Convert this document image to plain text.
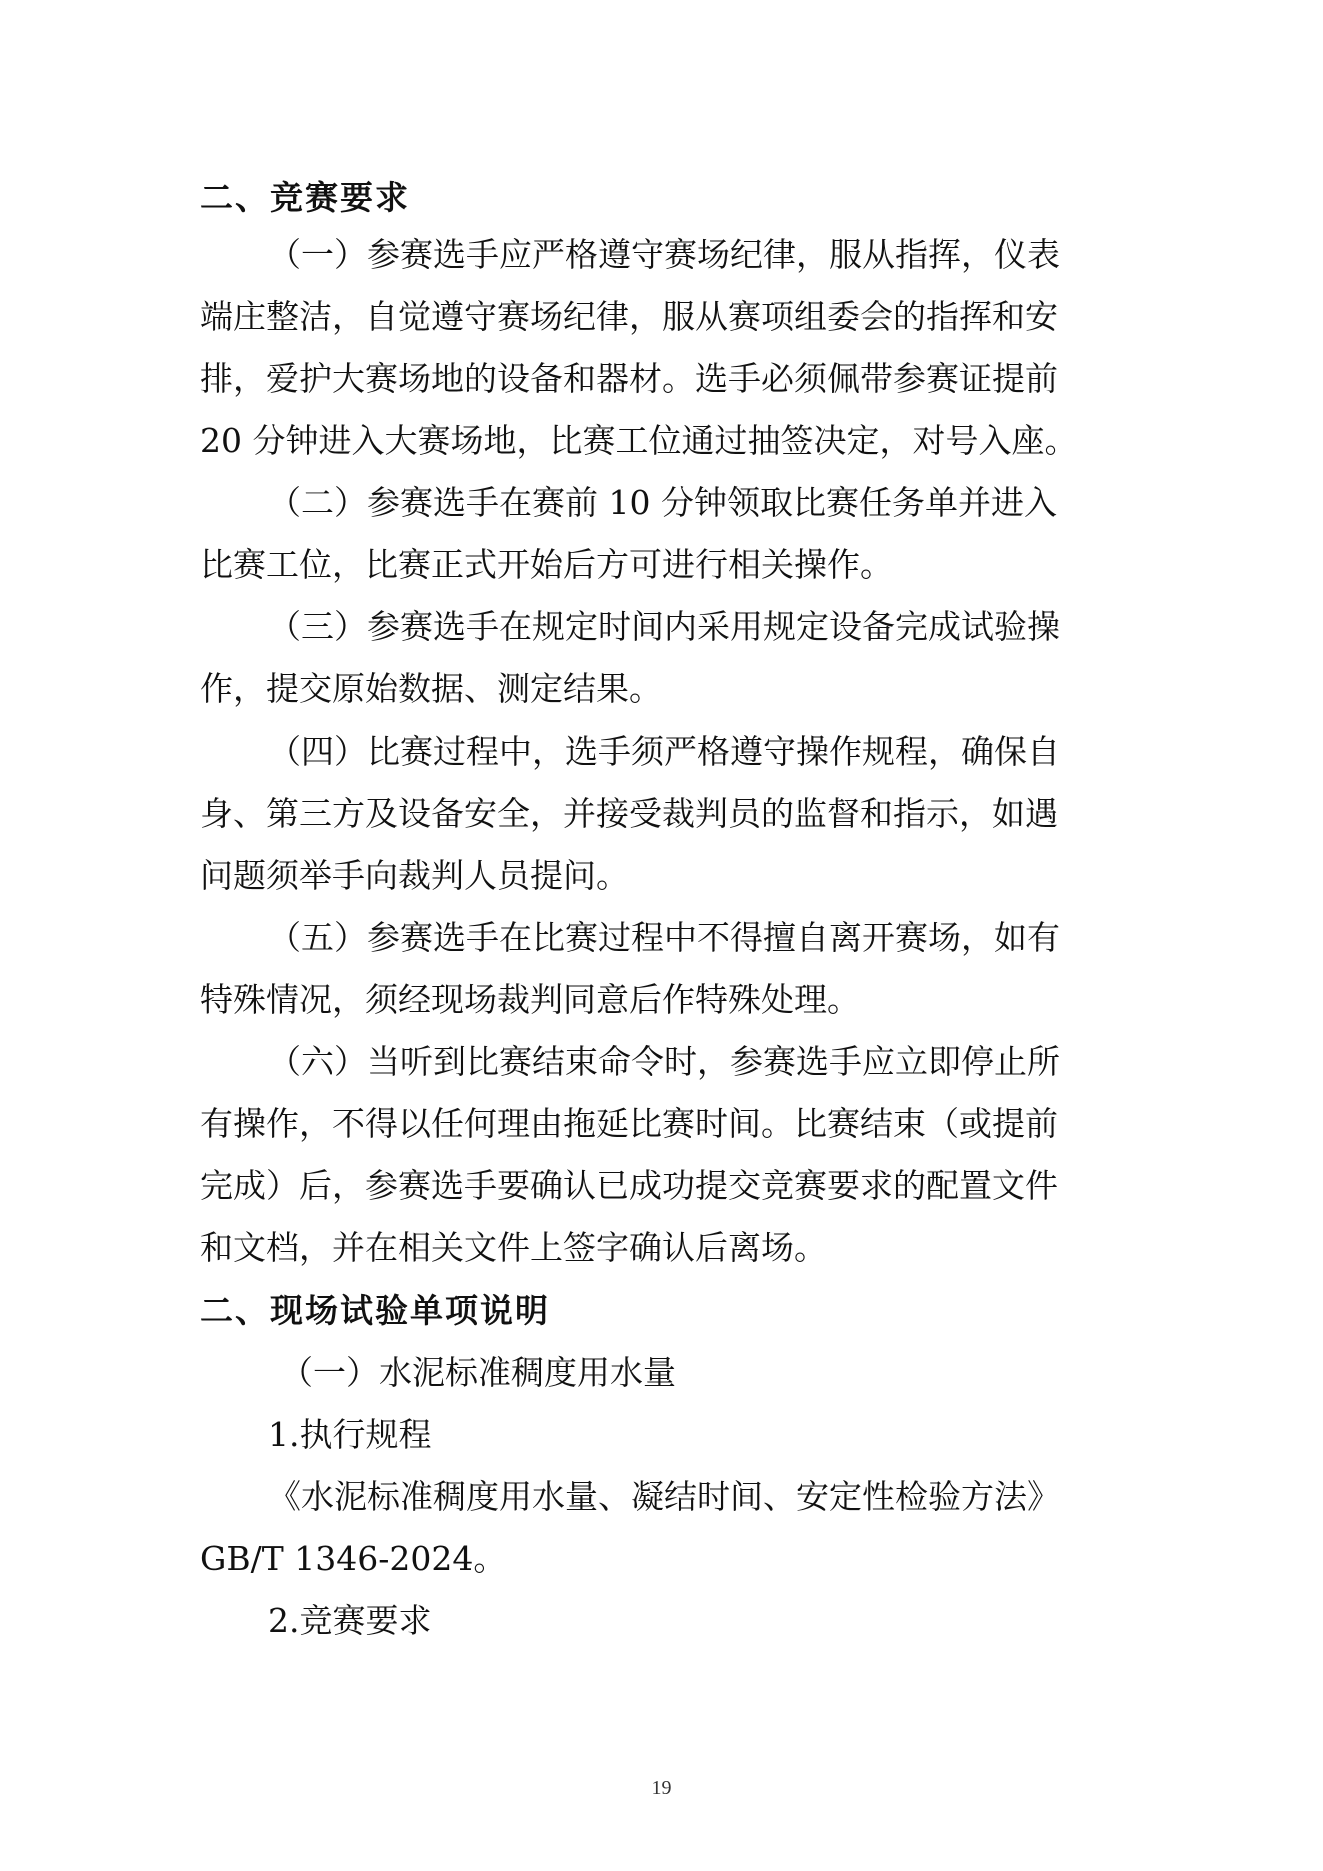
二、竞赛要求
（一）参赛选手应严格遵守赛场纪律，服从指挥，仪表
端庄整洁，自觉遵守赛场纪律，服从赛项组委会的指挥和安
排，爱护大赛场地的设备和器材。选手必须佩带参赛证提前
20 分钟进入大赛场地，比赛工位通过抽签决定，对号入座。
（二）参赛选手在赛前 10 分钟领取比赛任务单并进入
比赛工位，比赛正式开始后方可进行相关操作。
（三）参赛选手在规定时间内采用规定设备完成试验操
作，提交原始数据、测定结果。
（四）比赛过程中，选手须严格遵守操作规程，确保自
身、第三方及设备安全，并接受裁判员的监督和指示，如遇
问题须举手向裁判人员提问。
（五）参赛选手在比赛过程中不得擅自离开赛场，如有
特殊情况，须经现场裁判同意后作特殊处理。
（六）当听到比赛结束命令时，参赛选手应立即停止所
有操作，不得以任何理由拖延比赛时间。比赛结束（或提前
完成）后，参赛选手要确认已成功提交竞赛要求的配置文件
和文档，并在相关文件上签字确认后离场。
二、现场试验单项说明
（一）水泥标准稠度用水量
1.执行规程
《水泥标准稠度用水量、凝结时间、安定性检验方法》
GB/T 1346-2024。
2.竞赛要求
19
